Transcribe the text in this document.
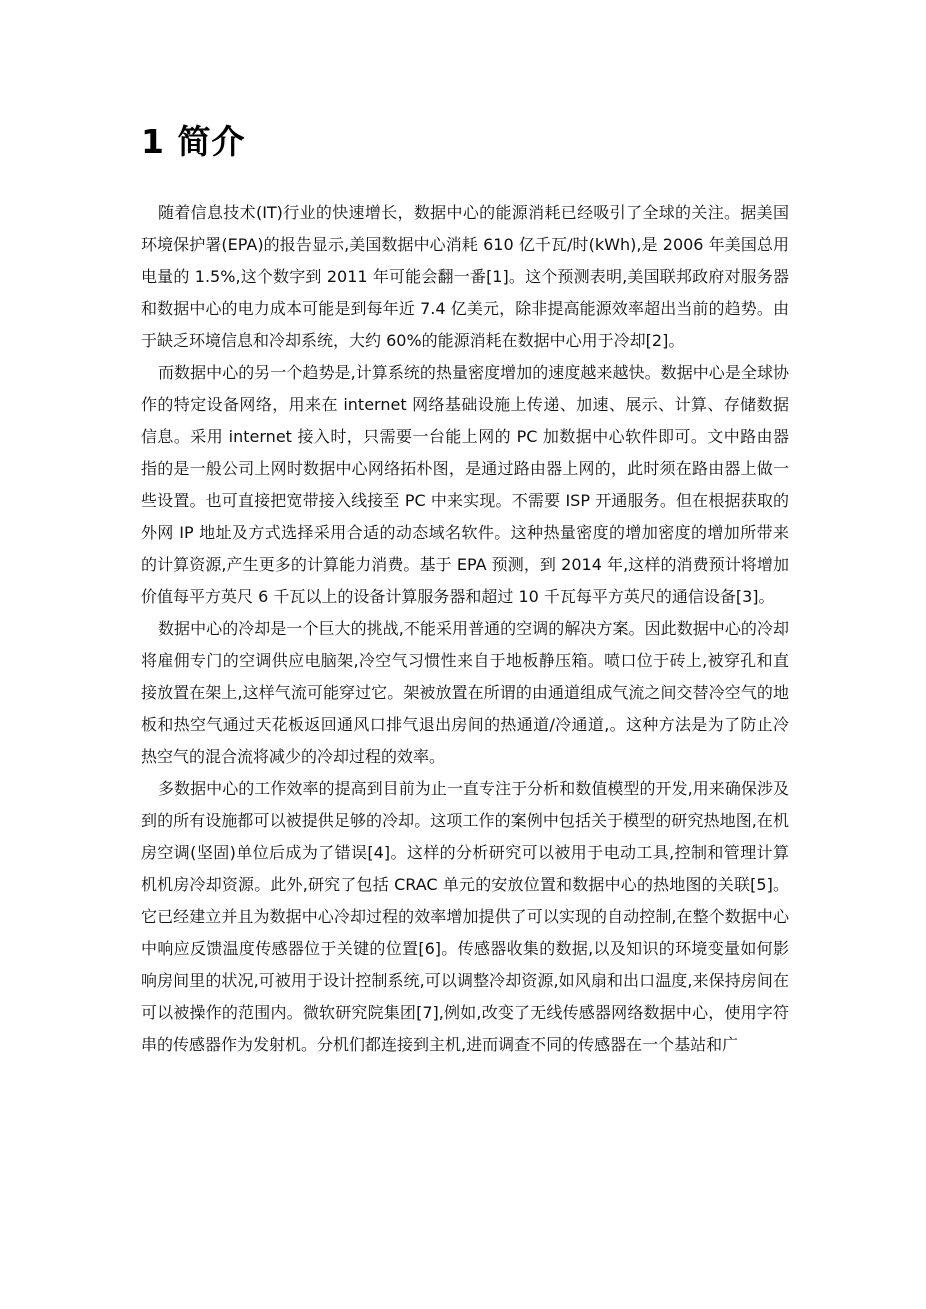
1 简介

随着信息技术(IT)行业的快速增长，数据中心的能源消耗已经吸引了全球的关注。据美国环境保护署(EPA)的报告显示,美国数据中心消耗 610 亿千瓦/时(kWh),是 2006 年美国总用电量的 1.5%,这个数字到 2011 年可能会翻一番[1]。这个预测表明,美国联邦政府对服务器和数据中心的电力成本可能是到每年近 7.4 亿美元，除非提高能源效率超出当前的趋势。由于缺乏环境信息和冷却系统，大约 60%的能源消耗在数据中心用于冷却[2]。

而数据中心的另一个趋势是,计算系统的热量密度增加的速度越来越快。数据中心是全球协作的特定设备网络，用来在 internet 网络基础设施上传递、加速、展示、计算、存储数据信息。采用 internet 接入时，只需要一台能上网的 PC 加数据中心软件即可。文中路由器指的是一般公司上网时数据中心网络拓朴图，是通过路由器上网的，此时须在路由器上做一些设置。也可直接把宽带接入线接至 PC 中来实现。不需要 ISP 开通服务。但在根据获取的外网 IP 地址及方式选择采用合适的动态域名软件。这种热量密度的增加密度的增加所带来的计算资源,产生更多的计算能力消费。基于 EPA 预测，到 2014 年,这样的消费预计将增加价值每平方英尺 6 千瓦以上的设备计算服务器和超过 10 千瓦每平方英尺的通信设备[3]。

数据中心的冷却是一个巨大的挑战,不能采用普通的空调的解决方案。因此数据中心的冷却将雇佣专门的空调供应电脑架,冷空气习惯性来自于地板静压箱。喷口位于砖上,被穿孔和直接放置在架上,这样气流可能穿过它。架被放置在所谓的由通道组成气流之间交替冷空气的地板和热空气通过天花板返回通风口排气退出房间的热通道/冷通道,。这种方法是为了防止冷热空气的混合流将减少的冷却过程的效率。

多数据中心的工作效率的提高到目前为止一直专注于分析和数值模型的开发,用来确保涉及到的所有设施都可以被提供足够的冷却。这项工作的案例中包括关于模型的研究热地图,在机房空调(坚固)单位后成为了错误[4]。这样的分析研究可以被用于电动工具,控制和管理计算机机房冷却资源。此外,研究了包括 CRAC 单元的安放位置和数据中心的热地图的关联[5]。它已经建立并且为数据中心冷却过程的效率增加提供了可以实现的自动控制,在整个数据中心中响应反馈温度传感器位于关键的位置[6]。传感器收集的数据,以及知识的环境变量如何影响房间里的状况,可被用于设计控制系统,可以调整冷却资源,如风扇和出口温度,来保持房间在可以被操作的范围内。微软研究院集团[7],例如,改变了无线传感器网络数据中心，使用字符串的传感器作为发射机。分机们都连接到主机,进而调查不同的传感器在一个基站和广
